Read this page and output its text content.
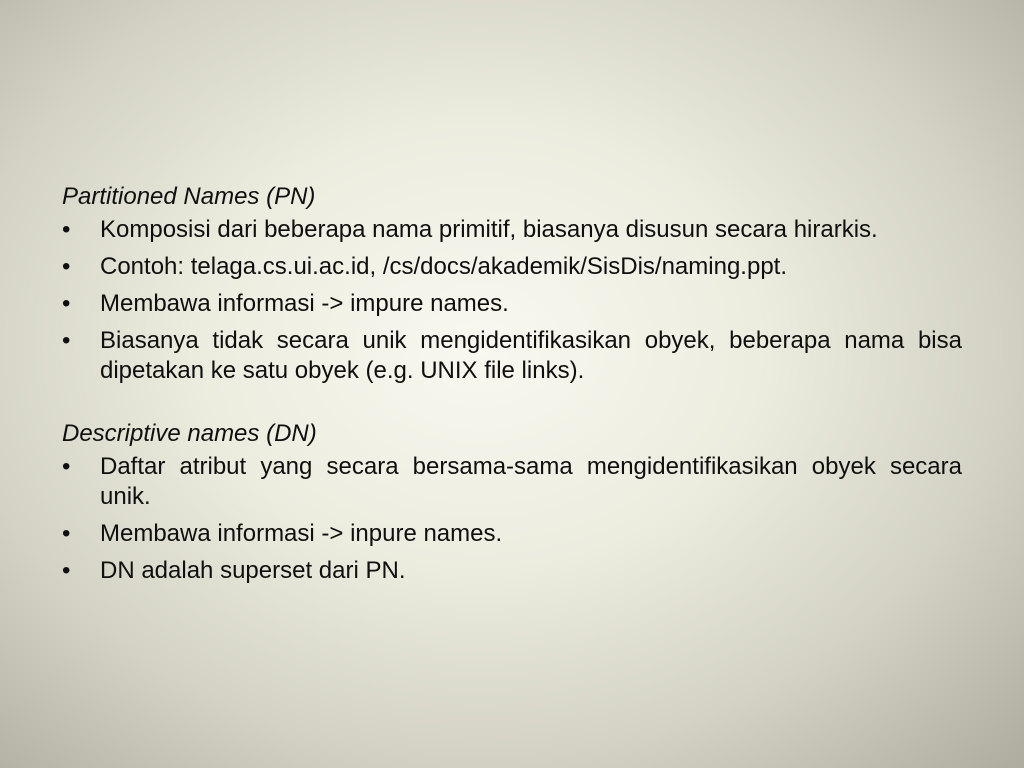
Partitioned Names (PN)
•	Komposisi dari beberapa nama primitif, biasanya disusun secara hirarkis.
•	Contoh: telaga.cs.ui.ac.id, /cs/docs/akademik/SisDis/naming.ppt.
•	Membawa informasi -> impure names.
•	Biasanya tidak secara unik mengidentifikasikan obyek, beberapa nama bisa dipetakan ke satu obyek (e.g. UNIX file links).
Descriptive names (DN)
•	Daftar atribut yang secara bersama-sama mengidentifikasikan obyek secara unik.
•	Membawa informasi -> inpure names.
•	DN adalah superset dari PN.
